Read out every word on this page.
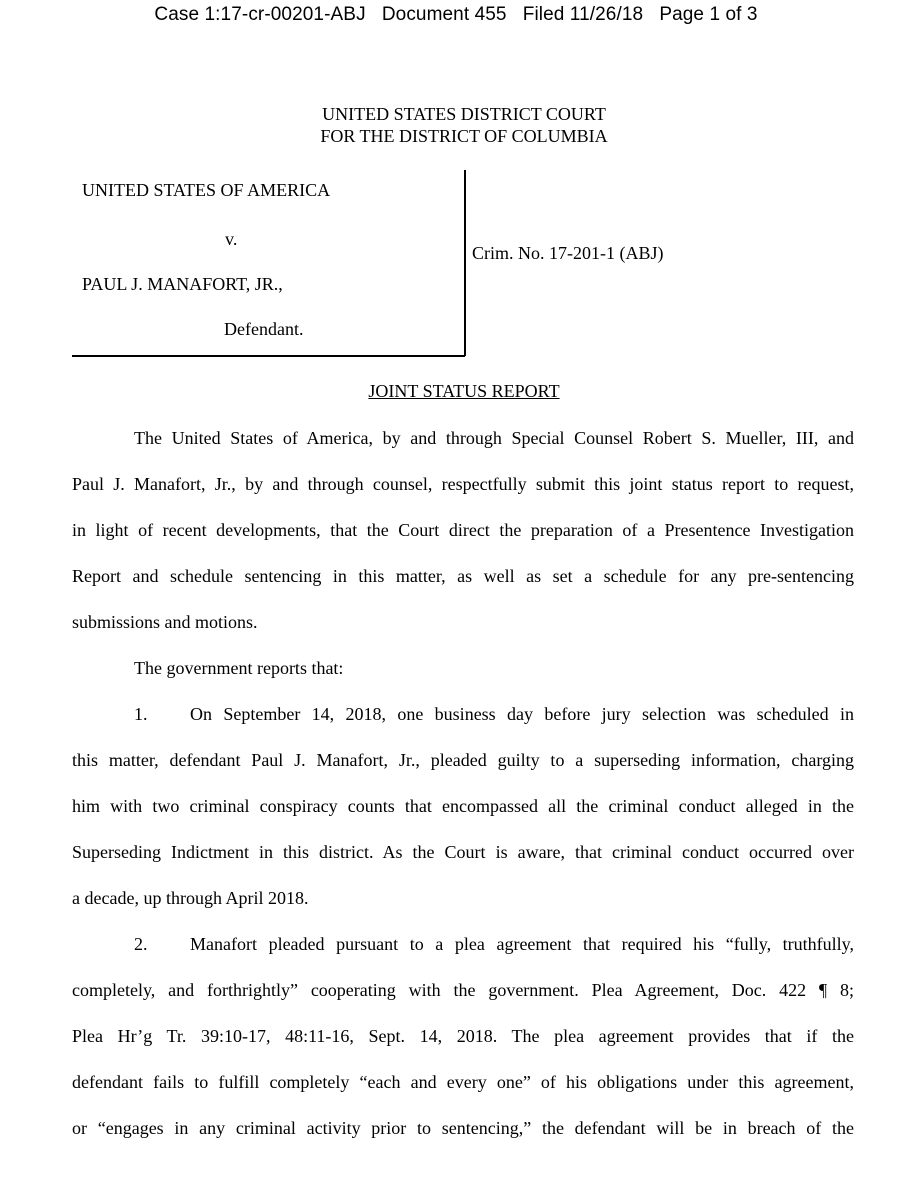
Case 1:17-cr-00201-ABJ Document 455 Filed 11/26/18 Page 1 of 3
UNITED STATES DISTRICT COURT
FOR THE DISTRICT OF COLUMBIA
UNITED STATES OF AMERICA
v.
PAUL J. MANAFORT, JR.,
Defendant.
Crim. No. 17-201-1 (ABJ)
JOINT STATUS REPORT
The United States of America, by and through Special Counsel Robert S. Mueller, III, and
Paul J. Manafort, Jr., by and through counsel, respectfully submit this joint status report to request,
in light of recent developments, that the Court direct the preparation of a Presentence Investigation
Report and schedule sentencing in this matter, as well as set a schedule for any pre-sentencing
submissions and motions.
The government reports that:
1. On September 14, 2018, one business day before jury selection was scheduled in
this matter, defendant Paul J. Manafort, Jr., pleaded guilty to a superseding information, charging
him with two criminal conspiracy counts that encompassed all the criminal conduct alleged in the
Superseding Indictment in this district. As the Court is aware, that criminal conduct occurred over
a decade, up through April 2018.
2. Manafort pleaded pursuant to a plea agreement that required his “fully, truthfully,
completely, and forthrightly” cooperating with the government. Plea Agreement, Doc. 422 ¶ 8;
Plea Hr’g Tr. 39:10-17, 48:11-16, Sept. 14, 2018. The plea agreement provides that if the
defendant fails to fulfill completely “each and every one” of his obligations under this agreement,
or “engages in any criminal activity prior to sentencing,” the defendant will be in breach of the
